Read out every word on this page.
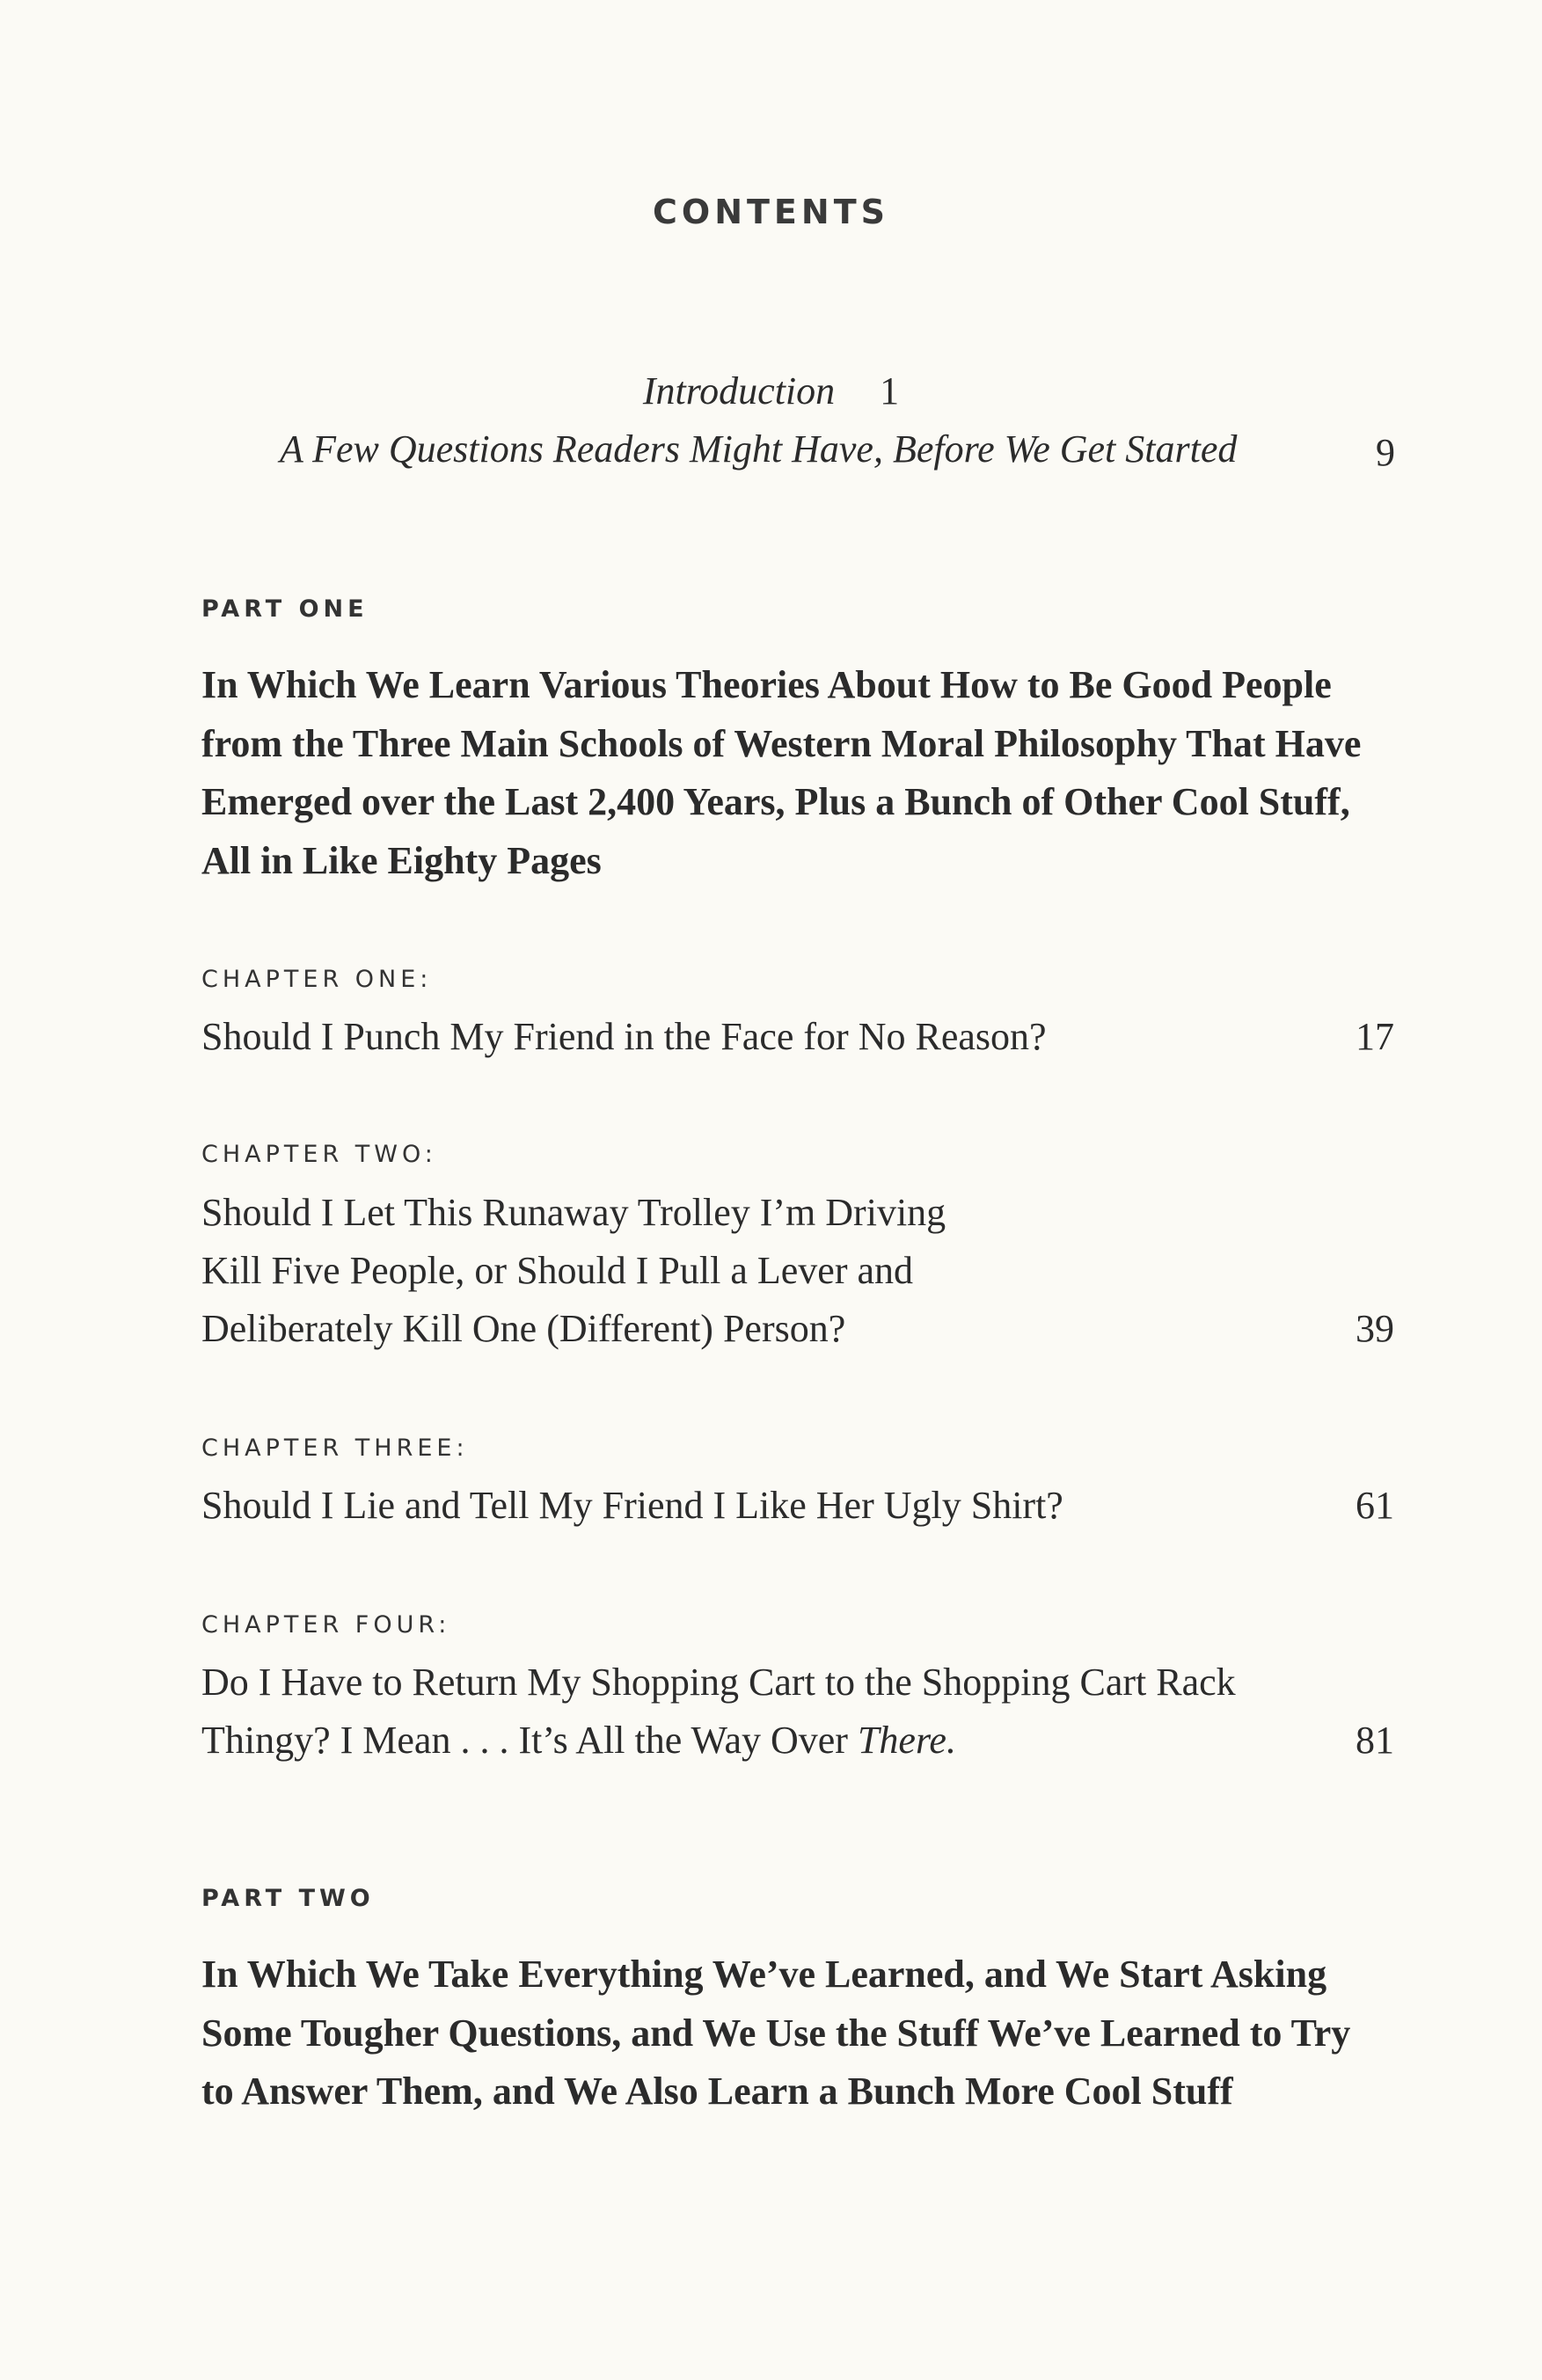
CONTENTS
Introduction 1
A Few Questions Readers Might Have, Before We Get Started	9
PART ONE
In Which We Learn Various Theories About How to Be Good People
from the Three Main Schools of Western Moral Philosophy That Have
Emerged over the Last 2,400 Years, Plus a Bunch of Other Cool Stuff,
All in Like Eighty Pages
CHAPTER ONE:
Should I Punch My Friend in the Face for No Reason?	17
CHAPTER TWO:
Should I Let This Runaway Trolley I’m Driving
Kill Five People, or Should I Pull a Lever and
Deliberately Kill One (Different) Person?	39
CHAPTER THREE:
Should I Lie and Tell My Friend I Like Her Ugly Shirt?	61
CHAPTER FOUR:
Do I Have to Return My Shopping Cart to the Shopping Cart Rack
Thingy? I Mean . . . It’s All the Way Over There.	81
PART TWO
In Which We Take Everything We’ve Learned, and We Start Asking
Some Tougher Questions, and We Use the Stuff We’ve Learned to Try
to Answer Them, and We Also Learn a Bunch More Cool Stuff
